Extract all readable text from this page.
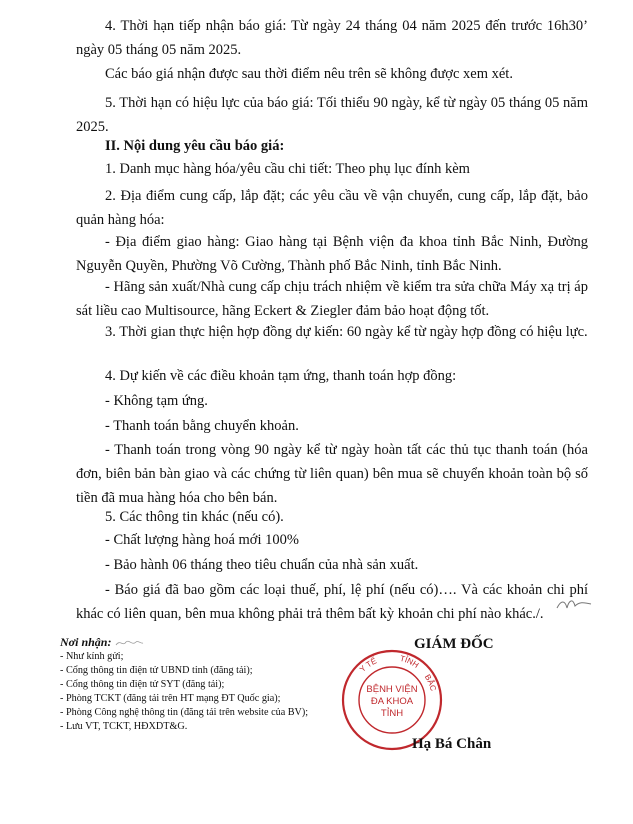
4. Thời hạn tiếp nhận báo giá: Từ ngày 24 tháng 04 năm 2025 đến trước 16h30’ ngày 05 tháng 05 năm 2025.

Các báo giá nhận được sau thời điểm nêu trên sẽ không được xem xét.

5. Thời hạn có hiệu lực của báo giá: Tối thiểu 90 ngày, kể từ ngày 05 tháng 05 năm 2025.

II. Nội dung yêu cầu báo giá:

1. Danh mục hàng hóa/yêu cầu chi tiết: Theo phụ lục đính kèm

2. Địa điểm cung cấp, lắp đặt; các yêu cầu về vận chuyển, cung cấp, lắp đặt, bảo quản hàng hóa:

- Địa điểm giao hàng: Giao hàng tại Bệnh viện đa khoa tỉnh Bắc Ninh, Đường Nguyễn Quyền, Phường Võ Cường, Thành phố Bắc Ninh, tỉnh Bắc Ninh.

- Hãng sản xuất/Nhà cung cấp chịu trách nhiệm về kiểm tra sửa chữa Máy xạ trị áp sát liều cao Multisource, hãng Eckert & Ziegler đảm bảo hoạt động tốt.

3. Thời gian thực hiện hợp đồng dự kiến: 60 ngày kể từ ngày hợp đồng có hiệu lực.

4. Dự kiến về các điều khoản tạm ứng, thanh toán hợp đồng:

- Không tạm ứng.

- Thanh toán bằng chuyển khoản.

- Thanh toán trong vòng 90 ngày kể từ ngày hoàn tất các thủ tục thanh toán (hóa đơn, biên bản bàn giao và các chứng từ liên quan) bên mua sẽ chuyển khoản toàn bộ số tiền đã mua hàng hóa cho bên bán.

5. Các thông tin khác (nếu có).

- Chất lượng hàng hoá mới 100%

- Bảo hành 06 tháng theo tiêu chuẩn của nhà sản xuất.

- Báo giá đã bao gồm các loại thuế, phí, lệ phí (nếu có)…. Và các khoản chi phí khác có liên quan, bên mua không phải trả thêm bất kỳ khoản chi phí nào khác./.

Nơi nhận:
- Như kính gửi;
- Cổng thông tin điện tử UBND tỉnh (đăng tải);
- Cổng thông tin điện tử SYT (đăng tải);
- Phòng TCKT (đăng tải trên HT mạng ĐT Quốc gia);
- Phòng Công nghệ thông tin (đăng tải trên website của BV);
- Lưu VT, TCKT, HĐXDT&G.
GIÁM ĐỐC
Y TẾ	TỈNH
BẮC
BỆNH VIỆN
ĐA KHOA
TỈNH
Hạ Bá Chân
